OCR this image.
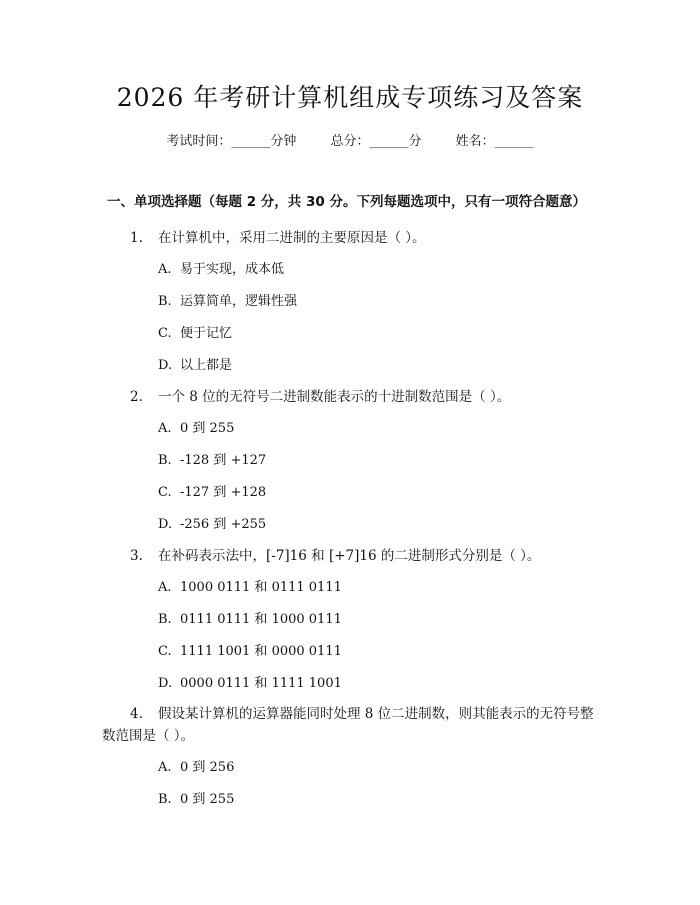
2026 年考研计算机组成专项练习及答案
考试时间：______分钟	总分：______分	姓名：______
一、单项选择题（每题 2 分，共 30 分。下列每题选项中，只有一项符合题意）
1. 在计算机中，采用二进制的主要原因是（ ）。
A. 易于实现，成本低
B. 运算简单，逻辑性强
C. 便于记忆
D. 以上都是
2. 一个 8 位的无符号二进制数能表示的十进制数范围是（ ）。
A. 0 到 255
B. -128 到 +127
C. -127 到 +128
D. -256 到 +255
3. 在补码表示法中，[-7]16 和 [+7]16 的二进制形式分别是（ ）。
A. 1000 0111 和 0111 0111
B. 0111 0111 和 1000 0111
C. 1111 1001 和 0000 0111
D. 0000 0111 和 1111 1001
4. 假设某计算机的运算器能同时处理 8 位二进制数，则其能表示的无符号整
数范围是（ ）。
A. 0 到 256
B. 0 到 255
